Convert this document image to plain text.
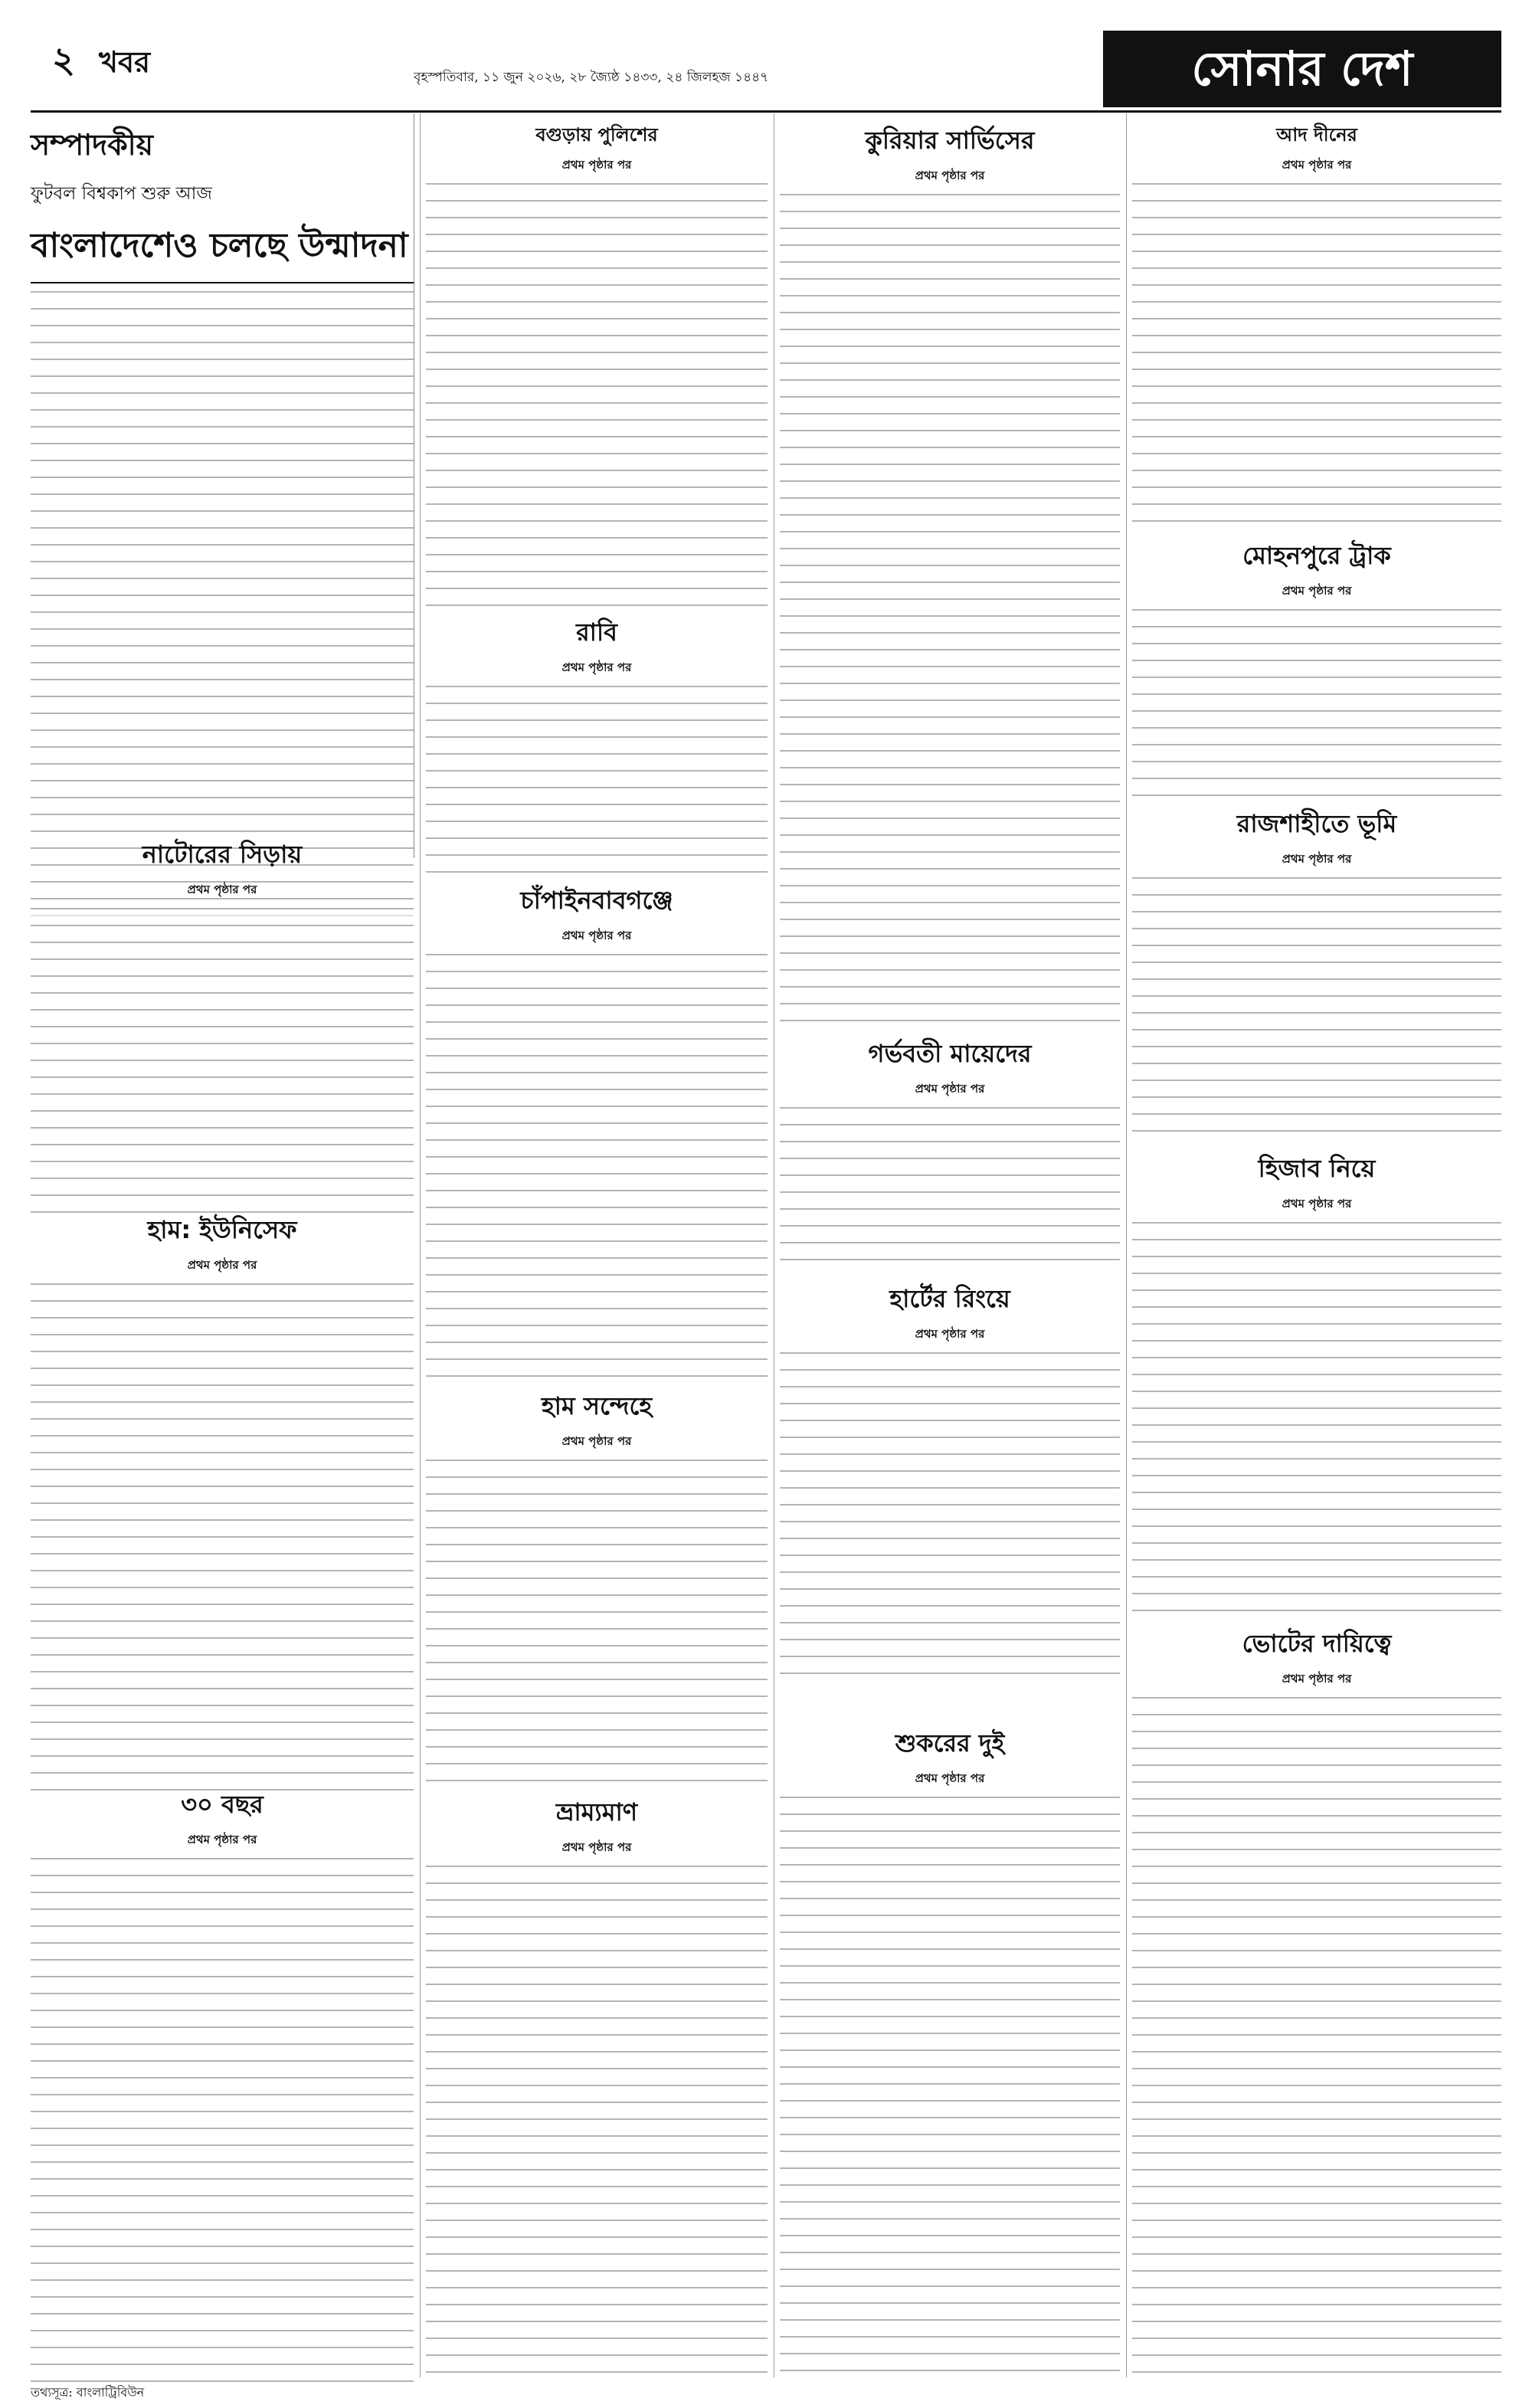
২ খবর	বৃহস্পতিবার, ১১ জুন ২০২৬, ২৮ জ্যৈষ্ঠ ১৪৩৩, ২৪ জিলহজ ১৪৪৭	সোনার দেশ
সম্পাদকীয়
ফুটবল বিশ্বকাপ শুরু আজ
বাংলাদেশেও চলছে উন্মাদনা
নাটোরের সিড়ায়
প্রথম পৃষ্ঠার পর
হাম: ইউনিসেফ
প্রথম পৃষ্ঠার পর
৩০ বছর
প্রথম পৃষ্ঠার পর
বগুড়ায় পুলিশের
প্রথম পৃষ্ঠার পর
রাবি
প্রথম পৃষ্ঠার পর
চাঁপাইনবাবগঞ্জে
প্রথম পৃষ্ঠার পর
হাম সন্দেহে
প্রথম পৃষ্ঠার পর
ভ্রাম্যমাণ
প্রথম পৃষ্ঠার পর
কুরিয়ার সার্ভিসের
প্রথম পৃষ্ঠার পর
গর্ভবতী মায়েদের
প্রথম পৃষ্ঠার পর
হার্টের রিংয়ে
প্রথম পৃষ্ঠার পর
শুকরের দুই
প্রথম পৃষ্ঠার পর
আদ দীনের
প্রথম পৃষ্ঠার পর
মোহনপুরে ট্রাক
প্রথম পৃষ্ঠার পর
রাজশাহীতে ভূমি
প্রথম পৃষ্ঠার পর
হিজাব নিয়ে
প্রথম পৃষ্ঠার পর
ভোটের দায়িত্বে
প্রথম পৃষ্ঠার পর
তথ্যসূত্র: বাংলাট্রিবিউন
